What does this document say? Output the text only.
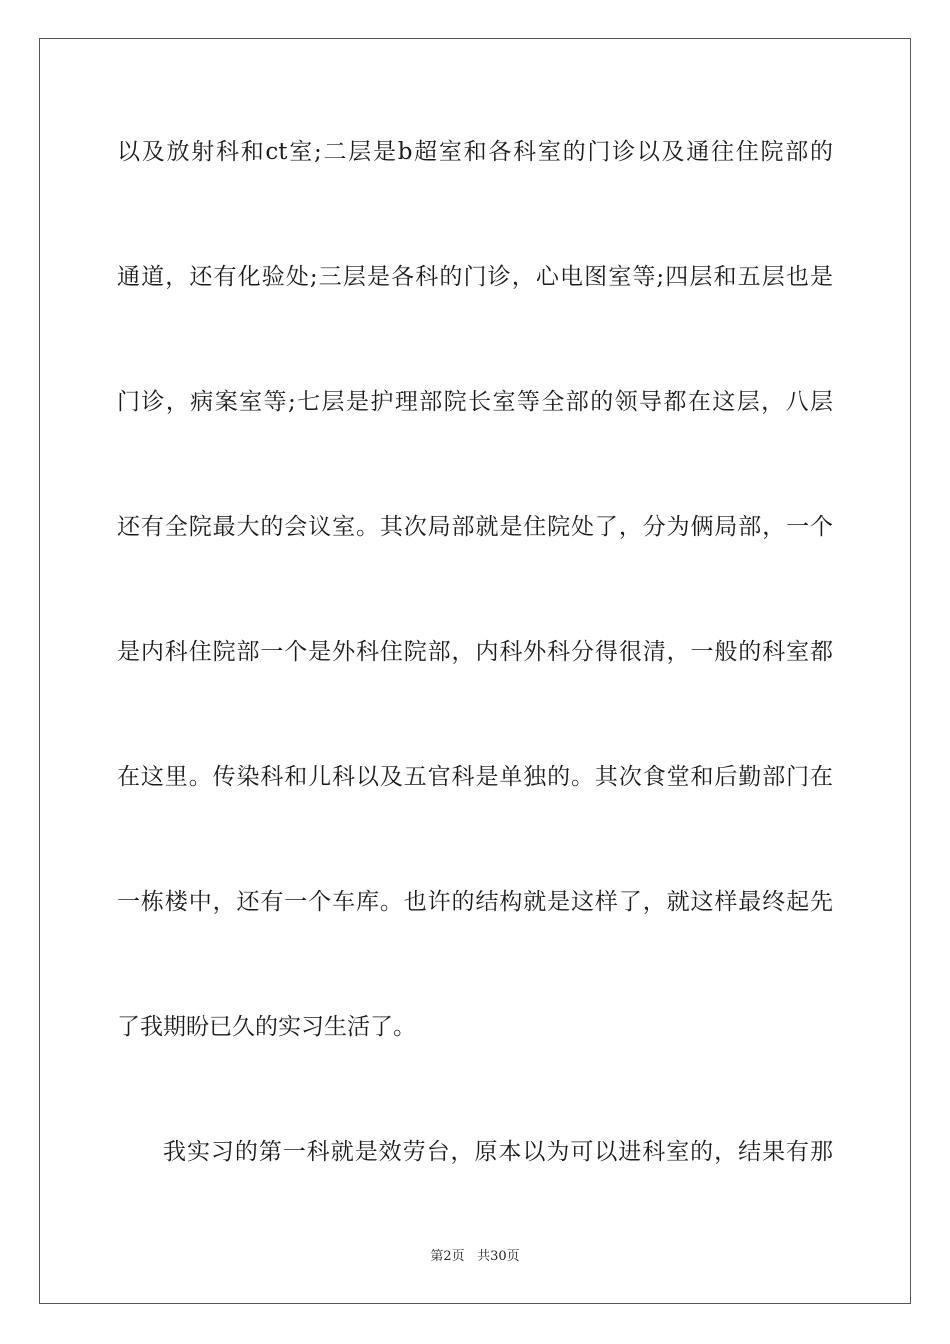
以及放射科和ct室;二层是b超室和各科室的门诊以及通往住院部的
通道，还有化验处;三层是各科的门诊，心电图室等;四层和五层也是
门诊，病案室等;七层是护理部院长室等全部的领导都在这层，八层
还有全院最大的会议室。其次局部就是住院处了，分为俩局部，一个
是内科住院部一个是外科住院部，内科外科分得很清，一般的科室都
在这里。传染科和儿科以及五官科是单独的。其次食堂和后勤部门在
一栋楼中，还有一个车库。也许的结构就是这样了，就这样最终起先
了我期盼已久的实习生活了。
我实习的第一科就是效劳台，原本以为可以进科室的，结果有那
第2页 共30页
